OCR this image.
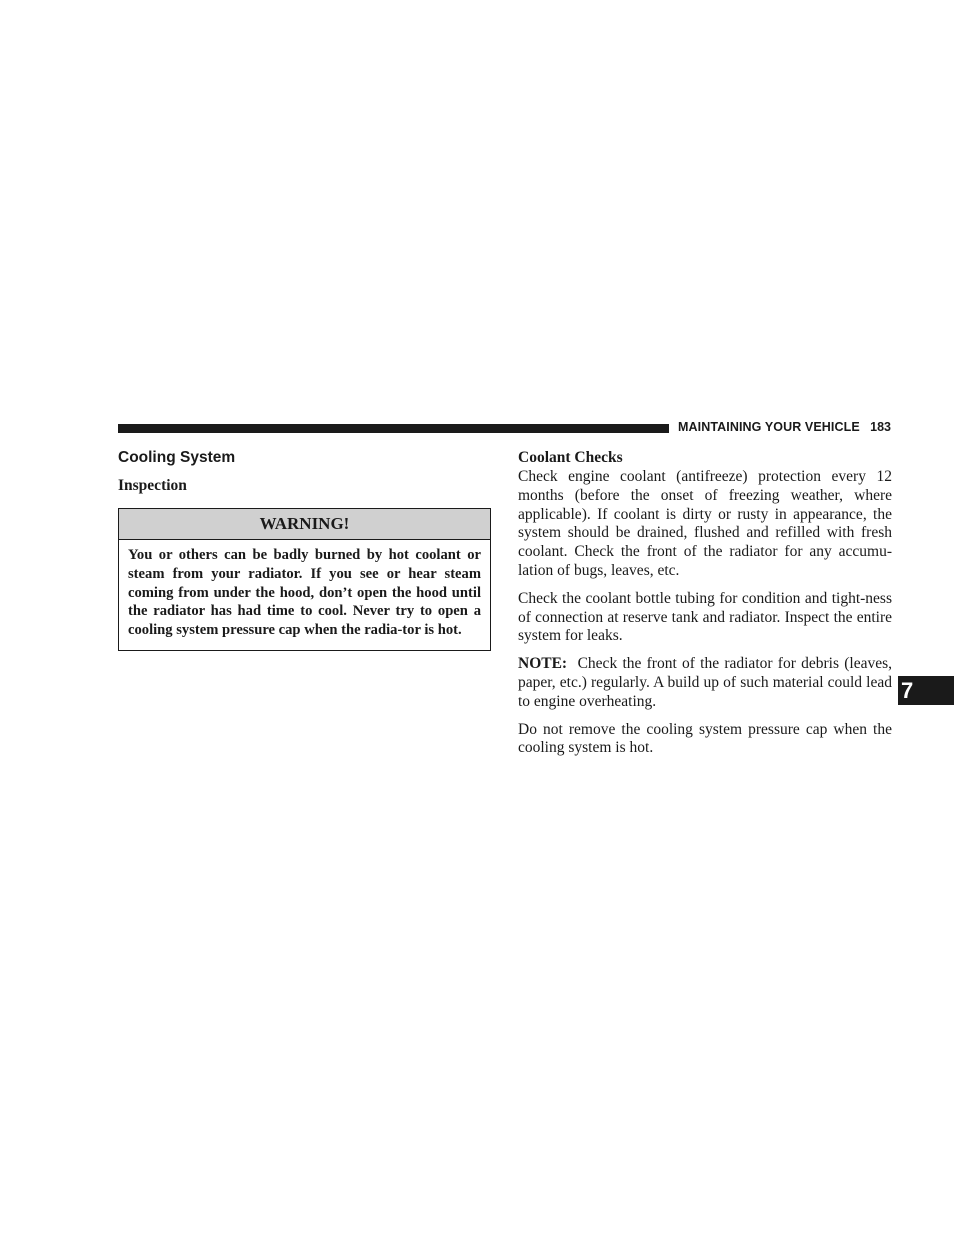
MAINTAINING YOUR VEHICLE 183
Cooling System
Inspection
WARNING!
You or others can be badly burned by hot coolant or steam from your radiator. If you see or hear steam coming from under the hood, don’t open the hood until the radiator has had time to cool. Never try to open a cooling system pressure cap when the radia-tor is hot.
Coolant Checks

Check engine coolant (antifreeze) protection every 12 months (before the onset of freezing weather, where applicable). If coolant is dirty or rusty in appearance, the system should be drained, flushed and refilled with fresh coolant. Check the front of the radiator for any accumu-lation of bugs, leaves, etc.

Check the coolant bottle tubing for condition and tight-ness of connection at reserve tank and radiator. Inspect the entire system for leaks.

NOTE: Check the front of the radiator for debris (leaves, paper, etc.) regularly. A build up of such material could lead to engine overheating.

Do not remove the cooling system pressure cap when the cooling system is hot.

7
